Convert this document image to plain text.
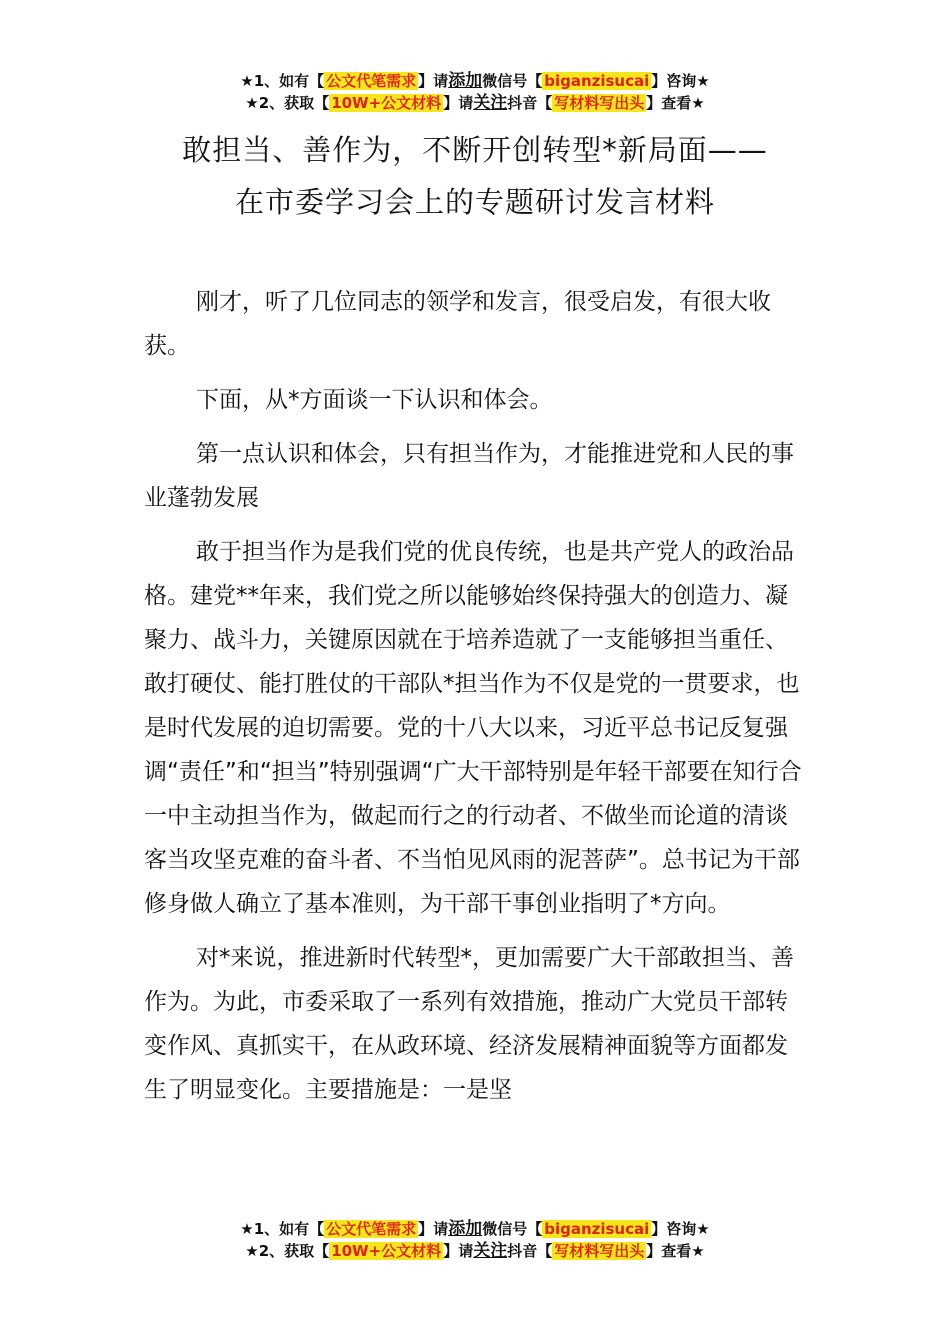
★1、如有【 公文代笔需求 】请添加微信号【 biganzisucai 】咨询★
★2、获取【 10W+公文材料 】请关注抖音【 写材料写出头 】查看★
敢担当、善作为，不断开创转型*新局面——
在市委学习会上的专题研讨发言材料

刚才，听了几位同志的领学和发言，很受启发，有很大收获。

下面，从*方面谈一下认识和体会。

第一点认识和体会，只有担当作为，才能推进党和人民的事业蓬勃发展

敢于担当作为是我们党的优良传统，也是共产党人的政治品格。建党**年来，我们党之所以能够始终保持强大的创造力、凝聚力、战斗力，关键原因就在于培养造就了一支能够担当重任、敢打硬仗、能打胜仗的干部队*担当作为不仅是党的一贯要求，也是时代发展的迫切需要。党的十八大以来，习近平总书记反复强调“责任”和“担当”特别强调“广大干部特别是年轻干部要在知行合一中主动担当作为，做起而行之的行动者、不做坐而论道的清谈客当攻坚克难的奋斗者、不当怕见风雨的泥菩萨”。总书记为干部修身做人确立了基本准则，为干部干事创业指明了*方向。

对*来说，推进新时代转型*，更加需要广大干部敢担当、善作为。为此，市委采取了一系列有效措施，推动广大党员干部转变作风、真抓实干，在从政环境、经济发展精神面貌等方面都发生了明显变化。主要措施是：一是坚

★1、如有【 公文代笔需求 】请添加微信号【 biganzisucai 】咨询★
★2、获取【 10W+公文材料 】请关注抖音【 写材料写出头 】查看★
